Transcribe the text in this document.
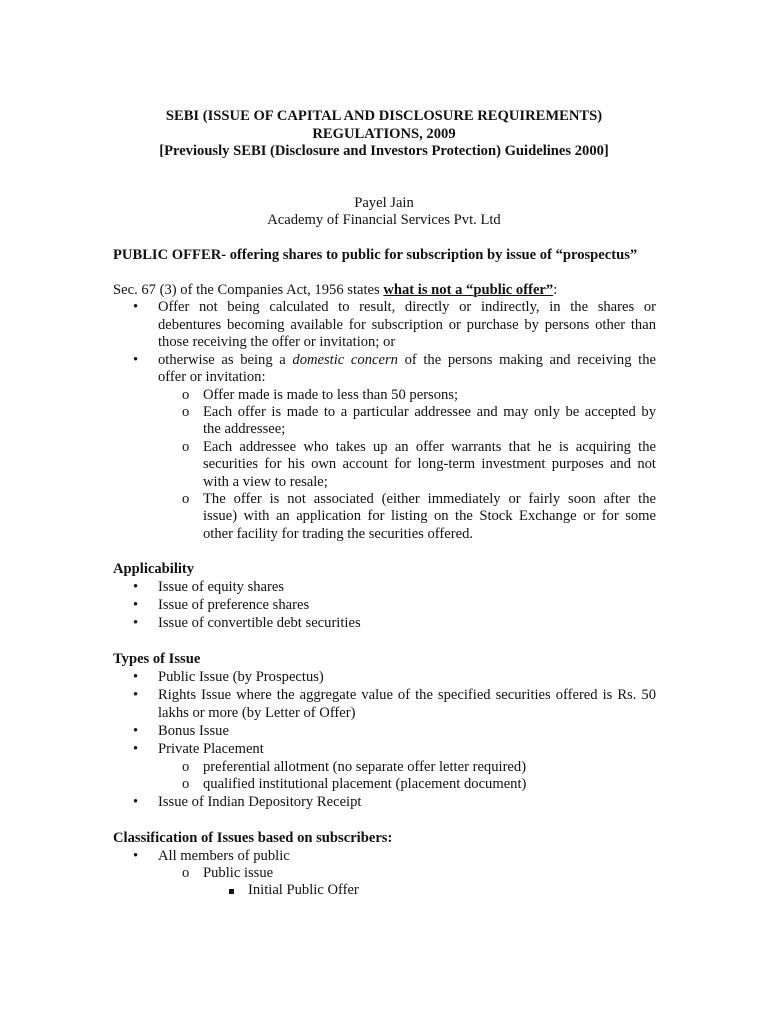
SEBI (ISSUE OF CAPITAL AND DISCLOSURE REQUIREMENTS)
REGULATIONS, 2009
[Previously SEBI (Disclosure and Investors Protection) Guidelines 2000]
Payel Jain
Academy of Financial Services Pvt. Ltd
PUBLIC OFFER- offering shares to public for subscription by issue of “prospectus”
Sec. 67 (3) of the Companies Act, 1956 states what is not a “public offer”:
• Offer not being calculated to result, directly or indirectly, in the shares or
debentures becoming available for subscription or purchase by persons other than
those receiving the offer or invitation; or
• otherwise as being a domestic concern of the persons making and receiving the
offer or invitation:
o Offer made is made to less than 50 persons;
o Each offer is made to a particular addressee and may only be accepted by
the addressee;
o Each addressee who takes up an offer warrants that he is acquiring the
securities for his own account for long-term investment purposes and not
with a view to resale;
o The offer is not associated (either immediately or fairly soon after the
issue) with an application for listing on the Stock Exchange or for some
other facility for trading the securities offered.
Applicability
• Issue of equity shares
• Issue of preference shares
• Issue of convertible debt securities
Types of Issue
• Public Issue (by Prospectus)
• Rights Issue where the aggregate value of the specified securities offered is Rs. 50
lakhs or more (by Letter of Offer)
• Bonus Issue
• Private Placement
o preferential allotment (no separate offer letter required)
o qualified institutional placement (placement document)
• Issue of Indian Depository Receipt
Classification of Issues based on subscribers:
• All members of public
o Public issue
Initial Public Offer
